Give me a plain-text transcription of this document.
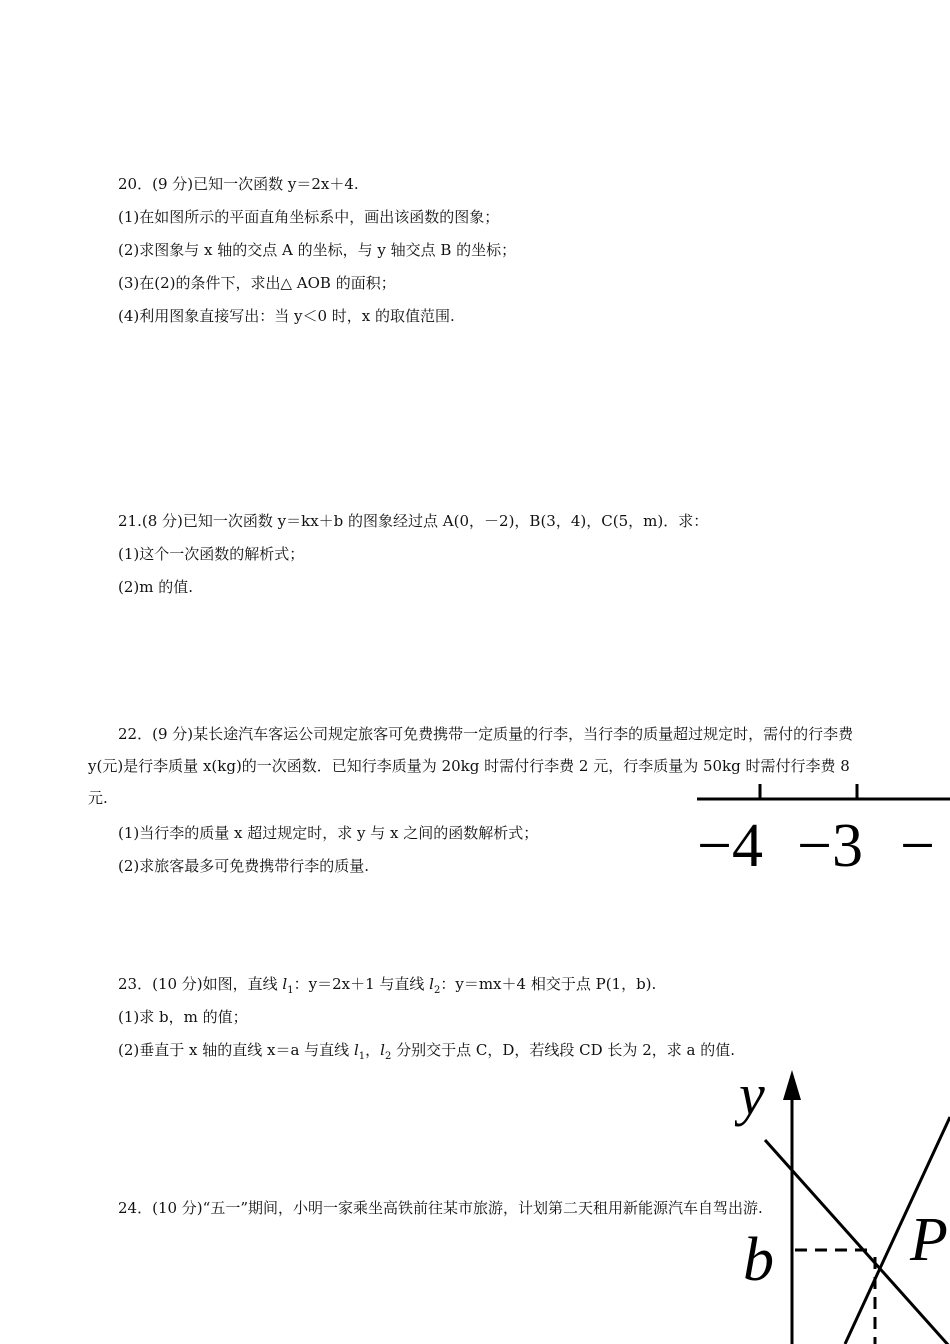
20．(9 分)已知一次函数 y＝2x＋4.
(1)在如图所示的平面直角坐标系中，画出该函数的图象；
(2)求图象与 x 轴的交点 A 的坐标，与 y 轴交点 B 的坐标；
(3)在(2)的条件下，求出△ AOB 的面积；
(4)利用图象直接写出：当 y＜0 时，x 的取值范围.
21.(8 分)已知一次函数 y＝kx＋b 的图象经过点 A(0，－2)，B(3，4)，C(5，m)．求：
(1)这个一次函数的解析式；
(2)m 的值.
22．(9 分)某长途汽车客运公司规定旅客可免费携带一定质量的行李，当行李的质量超过规定时，需付的行李费 y(元)是行李质量 x(kg)的一次函数．已知行李质量为 20kg 时需付行李费 2 元，行李质量为 50kg 时需付行李费 8 元.
(1)当行李的质量 x 超过规定时，求 y 与 x 之间的函数解析式；
(2)求旅客最多可免费携带行李的质量.	−4 −3 −
23．(10 分)如图，直线 $l_1$：y＝2x＋1 与直线 $l_2$：y＝mx＋4 相交于点 P(1，b).
(1)求 b，m 的值；
(2)垂直于 x 轴的直线 x＝a 与直线 $l_1$，$l_2$ 分别交于点 C，D，若线段 CD 长为 2，求 a 的值.
24．(10 分)“五一”期间，小明一家乘坐高铁前往某市旅游，计划第二天租用新能源汽车自驾出游.
y
b P
